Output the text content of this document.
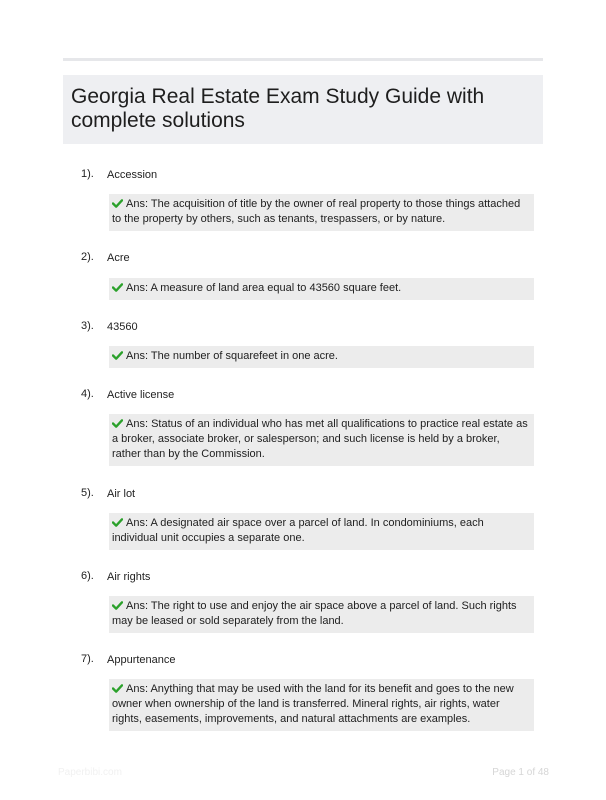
Georgia Real Estate Exam Study Guide with complete solutions
1). Accession
Ans: The acquisition of title by the owner of real property to those things attached to the property by others, such as tenants, trespassers, or by nature.
2). Acre
Ans: A measure of land area equal to 43560 square feet.
3). 43560
Ans: The number of squarefeet in one acre.
4). Active license
Ans: Status of an individual who has met all qualifications to practice real estate as a broker, associate broker, or salesperson; and such license is held by a broker, rather than by the Commission.
5). Air lot
Ans: A designated air space over a parcel of land. In condominiums, each individual unit occupies a separate one.
6). Air rights
Ans: The right to use and enjoy the air space above a parcel of land. Such rights may be leased or sold separately from the land.
7). Appurtenance
Ans: Anything that may be used with the land for its benefit and goes to the new owner when ownership of the land is transferred. Mineral rights, air rights, water rights, easements, improvements, and natural attachments are examples.
Paperbibi.com	Page 1 of 48
